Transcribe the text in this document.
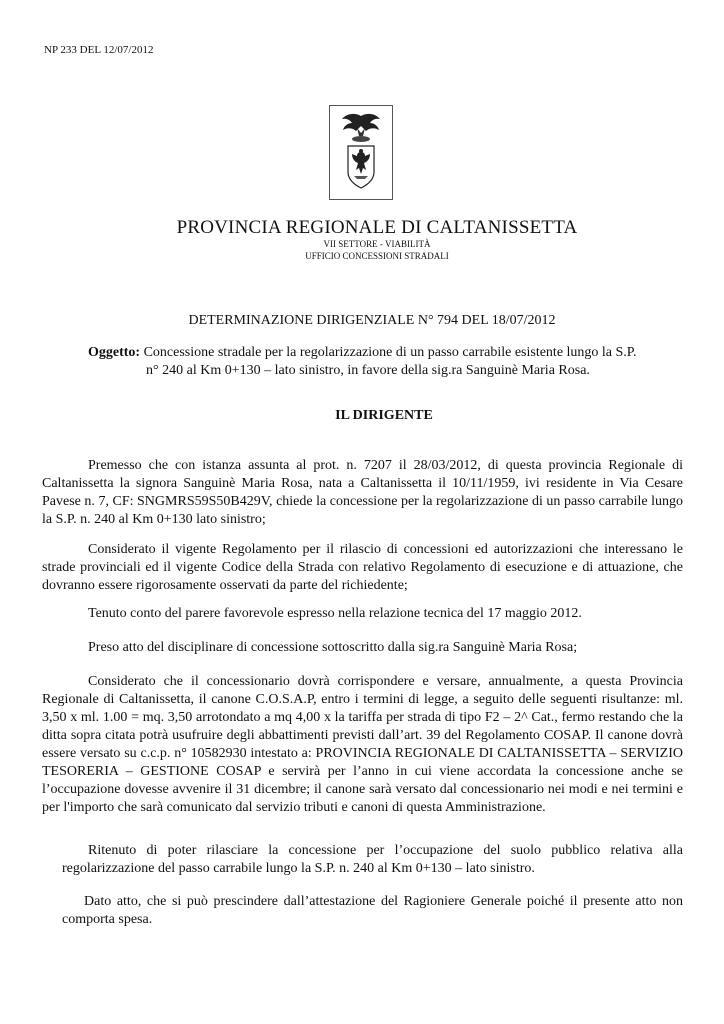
NP 233 DEL 12/07/2012
PROVINCIA REGIONALE DI CALTANISSETTA
VII SETTORE - VIABILITÀ
UFFICIO CONCESSIONI STRADALI
DETERMINAZIONE DIRIGENZIALE N° 794 DEL 18/07/2012
Oggetto: Concessione stradale per la regolarizzazione di un passo carrabile esistente lungo la S.P.
n° 240 al Km 0+130 – lato sinistro, in favore della sig.ra Sanguinè Maria Rosa.
IL DIRIGENTE
Premesso che con istanza assunta al prot. n. 7207 il 28/03/2012, di questa provincia Regionale di Caltanissetta la signora Sanguinè Maria Rosa, nata a Caltanissetta il 10/11/1959, ivi residente in Via Cesare Pavese n. 7, CF: SNGMRS59S50B429V, chiede la concessione per la regolarizzazione di un passo carrabile lungo la S.P. n. 240 al Km 0+130 lato sinistro;
Considerato il vigente Regolamento per il rilascio di concessioni ed autorizzazioni che interessano le strade provinciali ed il vigente Codice della Strada con relativo Regolamento di esecuzione e di attuazione, che dovranno essere rigorosamente osservati da parte del richiedente;
Tenuto conto del parere favorevole espresso nella relazione tecnica del 17 maggio 2012.
Preso atto del disciplinare di concessione sottoscritto dalla sig.ra Sanguinè Maria Rosa;
Considerato che il concessionario dovrà corrispondere e versare, annualmente, a questa Provincia Regionale di Caltanissetta, il canone C.O.S.A.P, entro i termini di legge, a seguito delle seguenti risultanze: ml. 3,50 x ml. 1.00 = mq. 3,50 arrotondato a mq 4,00 x la tariffa per strada di tipo F2 – 2^ Cat., fermo restando che la ditta sopra citata potrà usufruire degli abbattimenti previsti dall’art. 39 del Regolamento COSAP. Il canone dovrà essere versato su c.c.p. n° 10582930 intestato a: PROVINCIA REGIONALE DI CALTANISSETTA – SERVIZIO TESORERIA – GESTIONE COSAP e servirà per l’anno in cui viene accordata la concessione anche se l’occupazione dovesse avvenire il 31 dicembre; il canone sarà versato dal concessionario nei modi e nei termini e per l'importo che sarà comunicato dal servizio tributi e canoni di questa Amministrazione.
Ritenuto di poter rilasciare la concessione per l’occupazione del suolo pubblico relativa alla regolarizzazione del passo carrabile lungo la S.P. n. 240 al Km 0+130 – lato sinistro.
Dato atto, che si può prescindere dall’attestazione del Ragioniere Generale poiché il presente atto non comporta spesa.
